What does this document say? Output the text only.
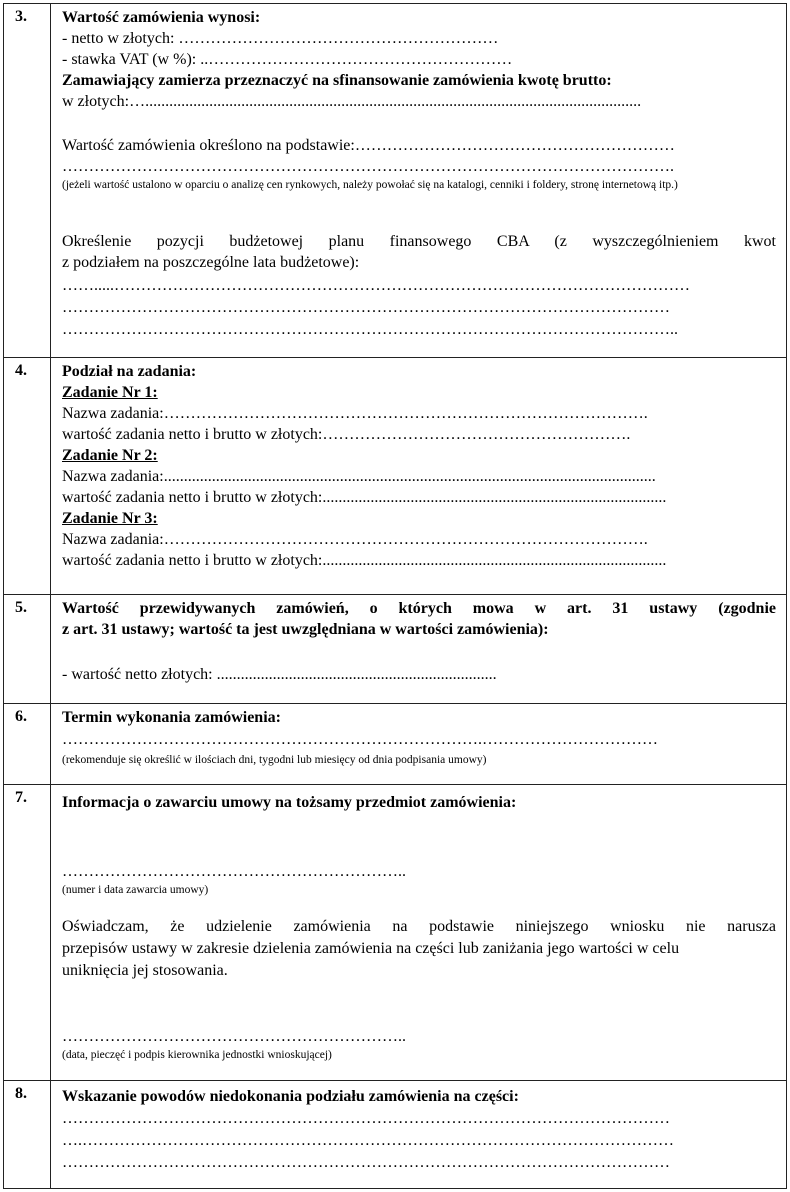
3. Wartość zamówienia wynosi:
- netto w złotych: ……………………………………………………
- stawka VAT (w %): ..…………………………………………………
Zamawiający zamierza przeznaczyć na sfinansowanie zamówienia kwotę brutto:
w złotych:…............................................................................................................................
Wartość zamówienia określono na podstawie:……………………………………………………
…………………………………………………………………………………………………….
(jeżeli wartość ustalono w oparciu o analizę cen rynkowych, należy powołać się na katalogi, cenniki i foldery, stronę internetową itp.)
Określenie pozycji budżetowej planu finansowego CBA (z wyszczególnieniem kwot
z podziałem na poszczególne lata budżetowe):
…….....………………………………………………………………………………………………
……………………………………………………………………………………………………
……………………………………………………………………………………………………..
4. Podział na zadania:
Zadanie Nr 1:
Nazwa zadania:……………………………………………………………………………….
wartość zadania netto i brutto w złotych:………………………………………………….
Zadanie Nr 2:
Nazwa zadania:...........................................................................................................................
wartość zadania netto i brutto w złotych:......................................................................................
Zadanie Nr 3:
Nazwa zadania:……………………………………………………………………………….
wartość zadania netto i brutto w złotych:......................................................................................
5. Wartość przewidywanych zamówień, o których mowa w art. 31 ustawy (zgodnie
z art. 31 ustawy; wartość ta jest uwzględniana w wartości zamówienia):
- wartość netto złotych: ......................................................................
6. Termin wykonania zamówienia:
…………………………………………………………………….……………………………
(rekomenduje się określić w ilościach dni, tygodni lub miesięcy od dnia podpisania umowy)
7. Informacja o zawarciu umowy na tożsamy przedmiot zamówienia:
………………………………………………………..
(numer i data zawarcia umowy)
Oświadczam, że udzielenie zamówienia na podstawie niniejszego wniosku nie narusza
przepisów ustawy w zakresie dzielenia zamówienia na części lub zaniżania jego wartości w celu
uniknięcia jej stosowania.
………………………………………………………..
(data, pieczęć i podpis kierownika jednostki wnioskującej)
8. Wskazanie powodów niedokonania podziału zamówienia na części:
……………………………………………………………………………………………………
….…………………………………………………………………………………………………
……………………………………………………………………………………………………
